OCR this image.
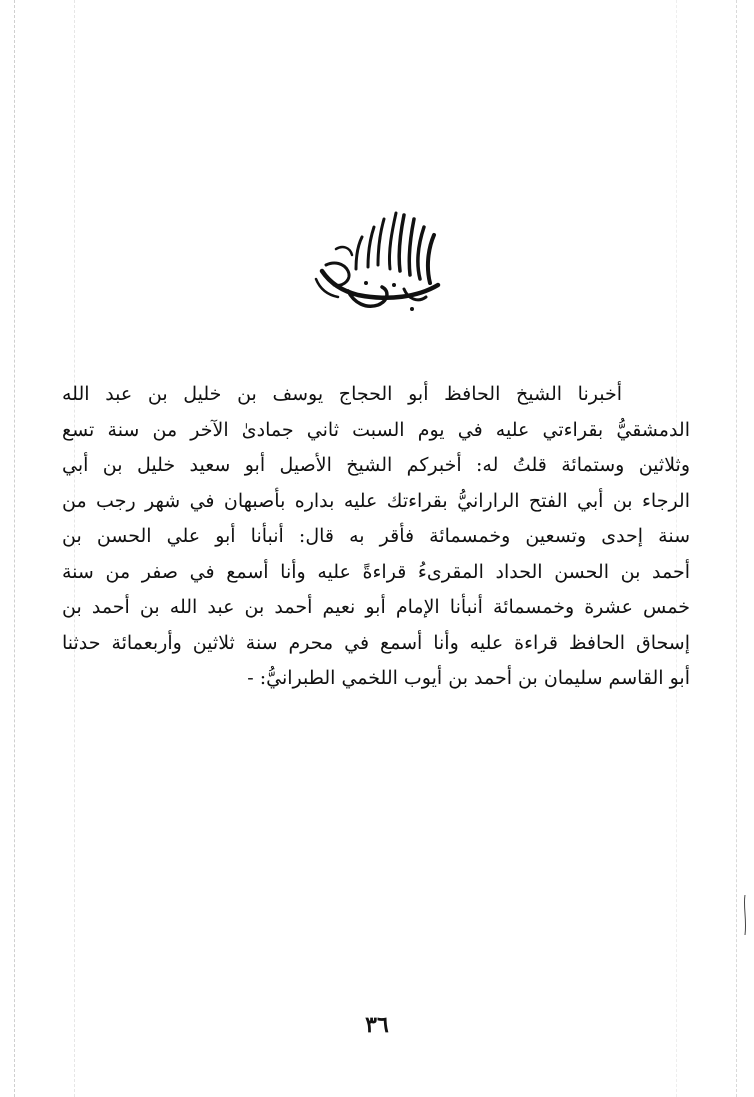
أخبرنا الشيخ الحافظ أبو الحجاج يوسف بن خليل بن عبد الله
الدمشقيُّ بقراءتي عليه في يوم السبت ثاني جمادىٰ الآخر من سنة تسع
وثلاثين وستمائة قلتُ له: أخبركم الشيخ الأصيل أبو سعيد خليل بن أبي
الرجاء بن أبي الفتح الرارانيُّ بقراءتك عليه بداره بأصبهان في شهر رجب من
سنة إحدى وتسعين وخمسمائة فأقر به قال: أنبأنا أبو علي الحسن بن
أحمد بن الحسن الحداد المقرىءُ قراءةً عليه وأنا أسمع في صفر من سنة
خمس عشرة وخمسمائة أنبأنا الإمام أبو نعيم أحمد بن عبد الله بن أحمد بن
إسحاق الحافظ قراءة عليه وأنا أسمع في محرم سنة ثلاثين وأربعمائة حدثنا
أبو القاسم سليمان بن أحمد بن أيوب اللخمي الطبرانيُّ: -
٣٦
